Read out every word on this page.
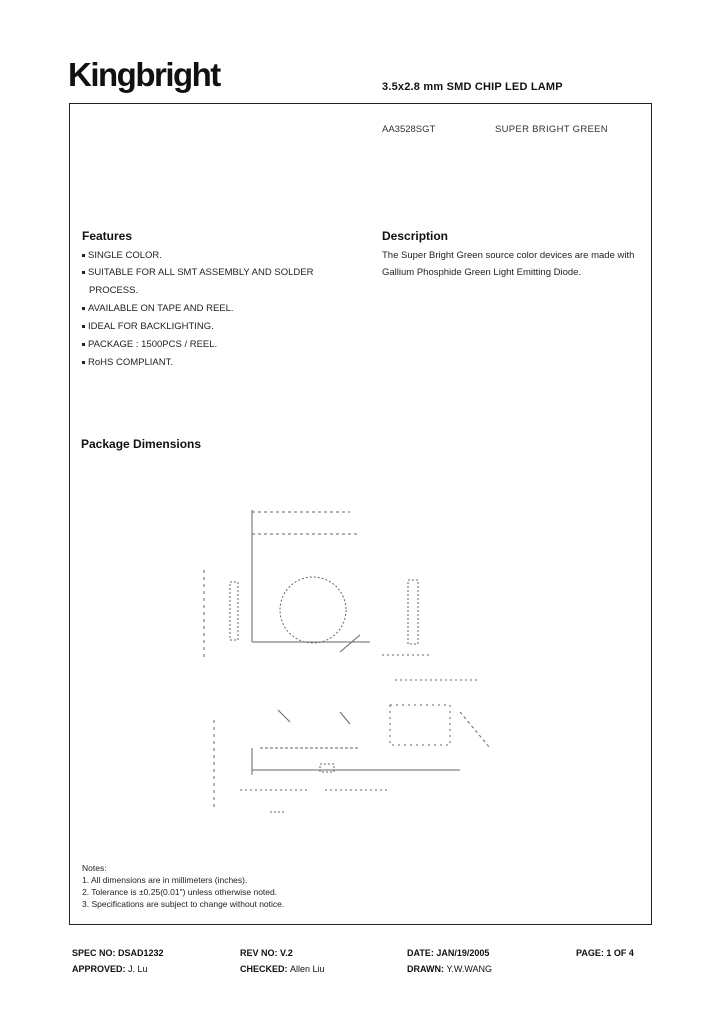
Kingbright	3.5x2.8 mm SMD CHIP LED LAMP
AA3528SGT	SUPER BRIGHT GREEN
Features
SINGLE COLOR.
SUITABLE FOR ALL SMT ASSEMBLY AND SOLDER
PROCESS.
AVAILABLE ON TAPE AND REEL.
IDEAL FOR BACKLIGHTING.
PACKAGE : 1500PCS / REEL.
RoHS COMPLIANT.
Description
The Super Bright Green source color devices are made with Gallium Phosphide Green Light Emitting Diode.
Package Dimensions
Notes:
1. All dimensions are in millimeters (inches).
2. Tolerance is ±0.25(0.01") unless otherwise noted.
3. Specifications are subject to change without notice.
SPEC NO: DSAD1232	REV NO: V.2	DATE: JAN/19/2005	PAGE: 1 OF 4
APPROVED: J. Lu	CHECKED: Allen Liu	DRAWN: Y.W.WANG
